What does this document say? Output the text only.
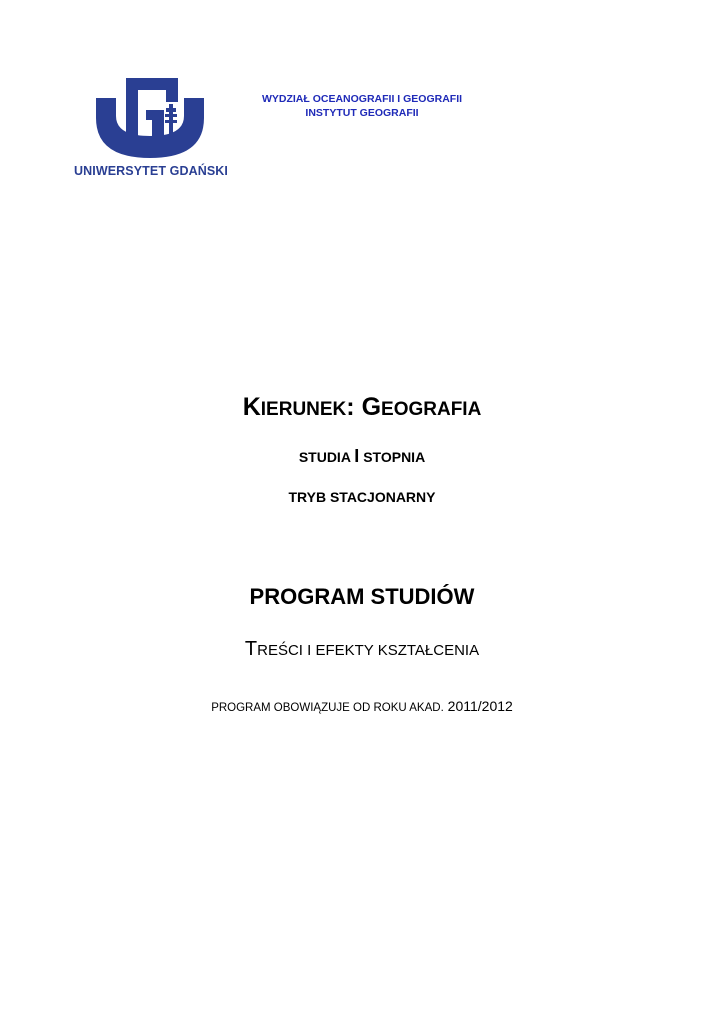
UNIWERSYTET GDAŃSKI
WYDZIAŁ OCEANOGRAFII I GEOGRAFII
INSTYTUT GEOGRAFII
KIERUNEK: GEOGRAFIA
STUDIA I STOPNIA
TRYB STACJONARNY
PROGRAM STUDIÓW
TREŚCI I EFEKTY KSZTAŁCENIA
PROGRAM OBOWIĄZUJE OD ROKU AKAD. 2011/2012
